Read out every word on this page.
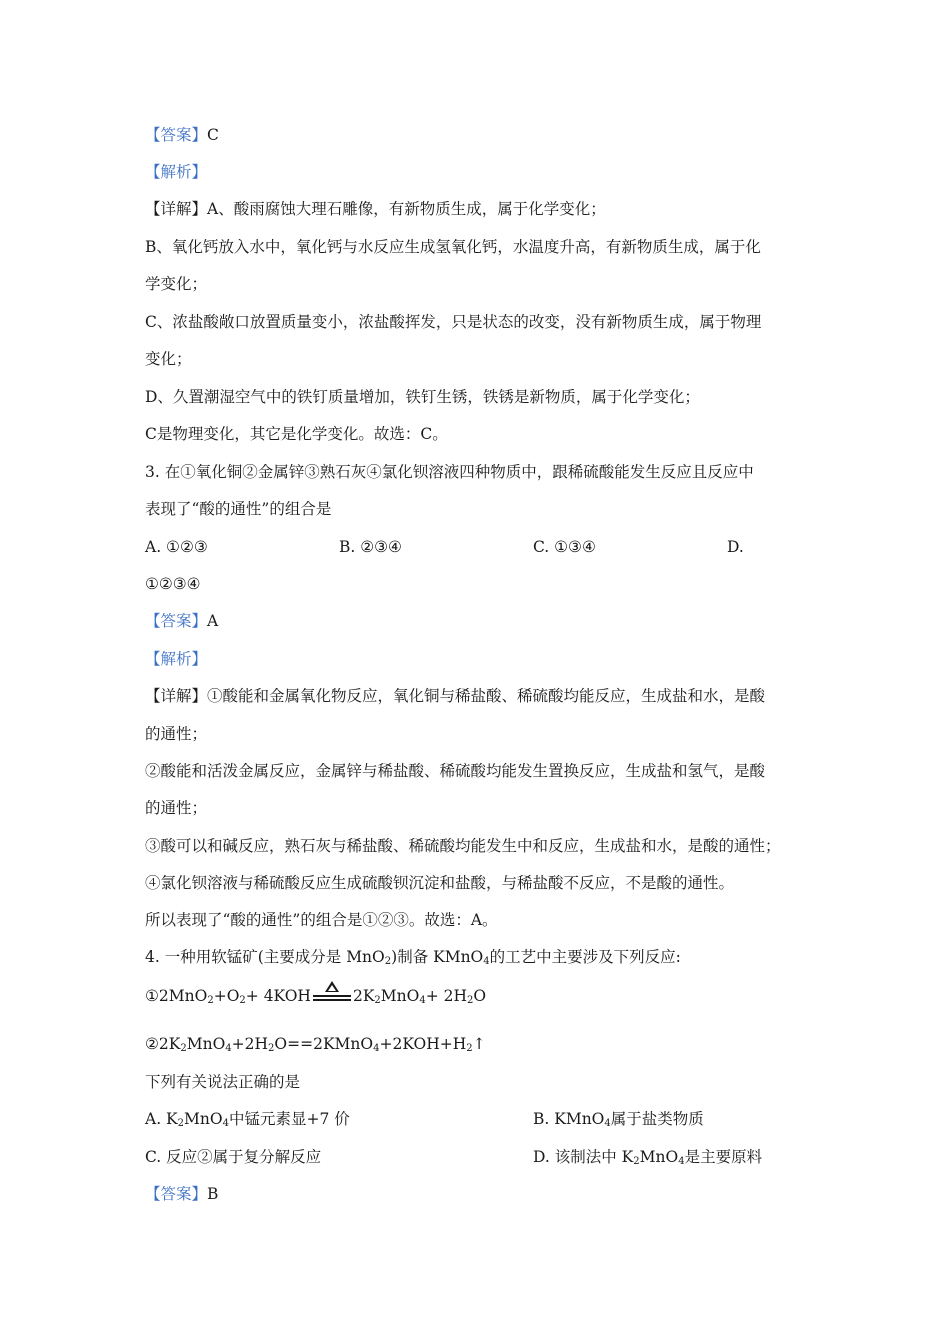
【答案】C
【解析】
【详解】A、酸雨腐蚀大理石雕像，有新物质生成，属于化学变化；
B、氧化钙放入水中，氧化钙与水反应生成氢氧化钙，水温度升高，有新物质生成，属于化
学变化；
C、浓盐酸敞口放置质量变小，浓盐酸挥发，只是状态的改变，没有新物质生成，属于物理
变化；
D、久置潮湿空气中的铁钉质量增加，铁钉生锈，铁锈是新物质，属于化学变化；
C是物理变化，其它是化学变化。故选：C。
3. 在①氧化铜②金属锌③熟石灰④氯化钡溶液四种物质中，跟稀硫酸能发生反应且反应中
表现了“酸的通性”的组合是
A. ①②③	B. ②③④	C. ①③④	D.
①②③④
【答案】A
【解析】
【详解】①酸能和金属氧化物反应，氧化铜与稀盐酸、稀硫酸均能反应，生成盐和水，是酸
的通性；
②酸能和活泼金属反应，金属锌与稀盐酸、稀硫酸均能发生置换反应，生成盐和氢气，是酸
的通性；
③酸可以和碱反应，熟石灰与稀盐酸、稀硫酸均能发生中和反应，生成盐和水，是酸的通性；
④氯化钡溶液与稀硫酸反应生成硫酸钡沉淀和盐酸，与稀盐酸不反应，不是酸的通性。
所以表现了“酸的通性”的组合是①②③。故选：A。
4. 一种用软锰矿(主要成分是 MnO$_2$)制备 KMnO$_4$的工艺中主要涉及下列反应:
$①2MnO_2+O_2+ 4KOH$	$2K_2MnO_4+ 2H_2O$
$②2K_2MnO_4+2H_2O==2KMnO_4+2KOH+H_2↑$
下列有关说法正确的是
A. $K_2MnO_4$中锰元素显+7 价	B. KMnO$_4$属于盐类物质
C. 反应②属于复分解反应	D. 该制法中 $K_2MnO_4$是主要原料
【答案】B
